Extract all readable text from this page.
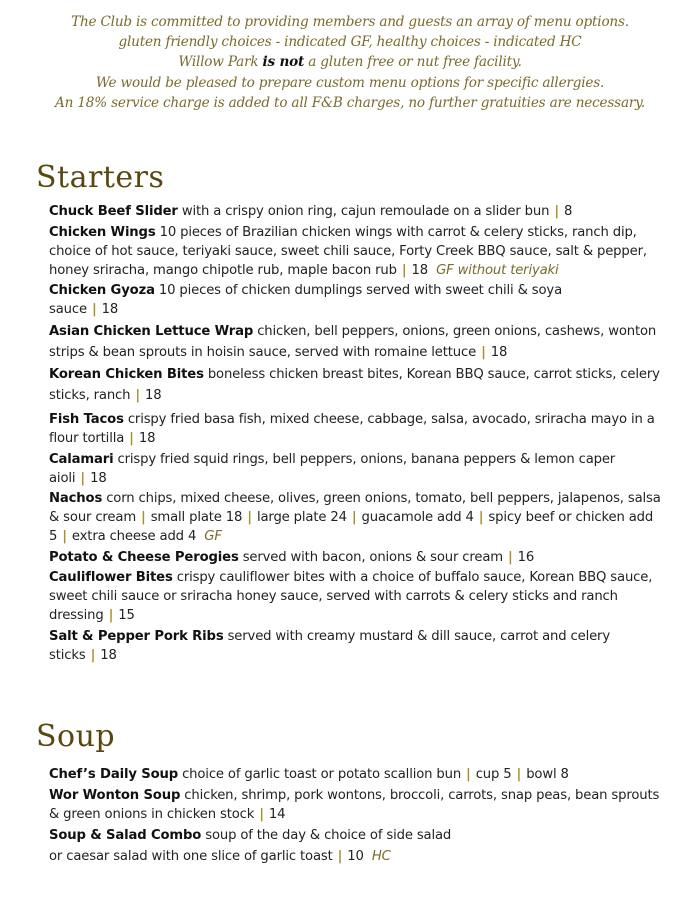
The Club is committed to providing members and guests an array of menu options.
gluten friendly choices - indicated GF, healthy choices - indicated HC
Willow Park is not a gluten free or nut free facility.
We would be pleased to prepare custom menu options for specific allergies.
An 18% service charge is added to all F&B charges, no further gratuities are necessary.
Starters
Chuck Beef Slider with a crispy onion ring, cajun remoulade on a slider bun | 8
Chicken Wings 10 pieces of Brazilian chicken wings with carrot & celery sticks, ranch dip, choice of hot sauce, teriyaki sauce, sweet chili sauce, Forty Creek BBQ sauce, salt & pepper, honey sriracha, mango chipotle rub, maple bacon rub | 18 GF without teriyaki
Chicken Gyoza 10 pieces of chicken dumplings served with sweet chili & soya sauce | 18
Asian Chicken Lettuce Wrap chicken, bell peppers, onions, green onions, cashews, wonton strips & bean sprouts in hoisin sauce, served with romaine lettuce | 18
Korean Chicken Bites boneless chicken breast bites, Korean BBQ sauce, carrot sticks, celery sticks, ranch | 18
Fish Tacos crispy fried basa fish, mixed cheese, cabbage, salsa, avocado, sriracha mayo in a flour tortilla | 18
Calamari crispy fried squid rings, bell peppers, onions, banana peppers & lemon caper aioli | 18
Nachos corn chips, mixed cheese, olives, green onions, tomato, bell peppers, jalapenos, salsa & sour cream | small plate 18 | large plate 24 | guacamole add 4 | spicy beef or chicken add 5 | extra cheese add 4 GF
Potato & Cheese Perogies served with bacon, onions & sour cream | 16
Cauliflower Bites crispy cauliflower bites with a choice of buffalo sauce, Korean BBQ sauce, sweet chili sauce or sriracha honey sauce, served with carrots & celery sticks and ranch dressing | 15
Salt & Pepper Pork Ribs served with creamy mustard & dill sauce, carrot and celery sticks | 18
Soup
Chef’s Daily Soup choice of garlic toast or potato scallion bun | cup 5 | bowl 8
Wor Wonton Soup chicken, shrimp, pork wontons, broccoli, carrots, snap peas, bean sprouts & green onions in chicken stock | 14
Soup & Salad Combo soup of the day & choice of side salad
or caesar salad with one slice of garlic toast | 10 HC
